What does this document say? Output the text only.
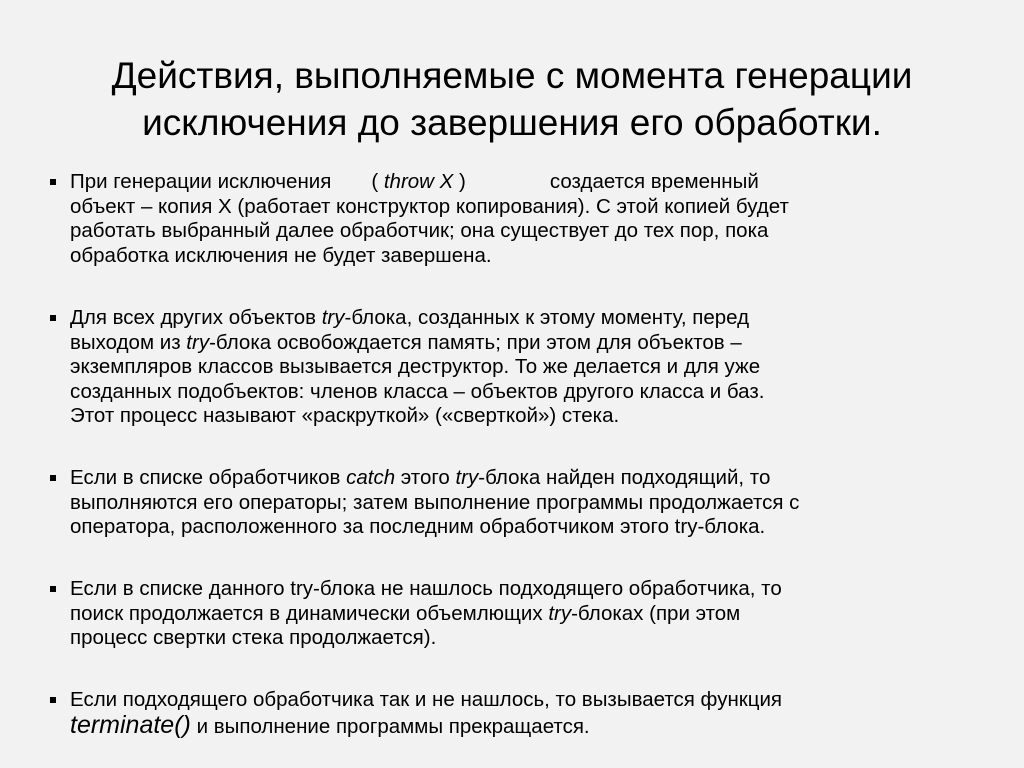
Действия, выполняемые с момента генерации
исключения до завершения его обработки.
При генерации исключения ( throw X )	создается временный
объект – копия Х (работает конструктор копирования). С этой копией будет
работать выбранный далее обработчик; она существует до тех пор, пока
обработка исключения не будет завершена.
Для всех других объектов try-блока, созданных к этому моменту, перед
выходом из try-блока освобождается память; при этом для объектов –
экземпляров классов вызывается деструктор. То же делается и для уже
созданных подобъектов: членов класса – объектов другого класса и баз.
Этот процесс называют «раскруткой» («сверткой») стека.
Если в списке обработчиков catch этого try-блока найден подходящий, то
выполняются его операторы; затем выполнение программы продолжается с
оператора, расположенного за последним обработчиком этого try-блока.
Если в списке данного try-блока не нашлось подходящего обработчика, то
поиск продолжается в динамически объемлющих try-блоках (при этом
процесс свертки стека продолжается).
Если подходящего обработчика так и не нашлось, то вызывается функция
terminate() и выполнение программы прекращается.
